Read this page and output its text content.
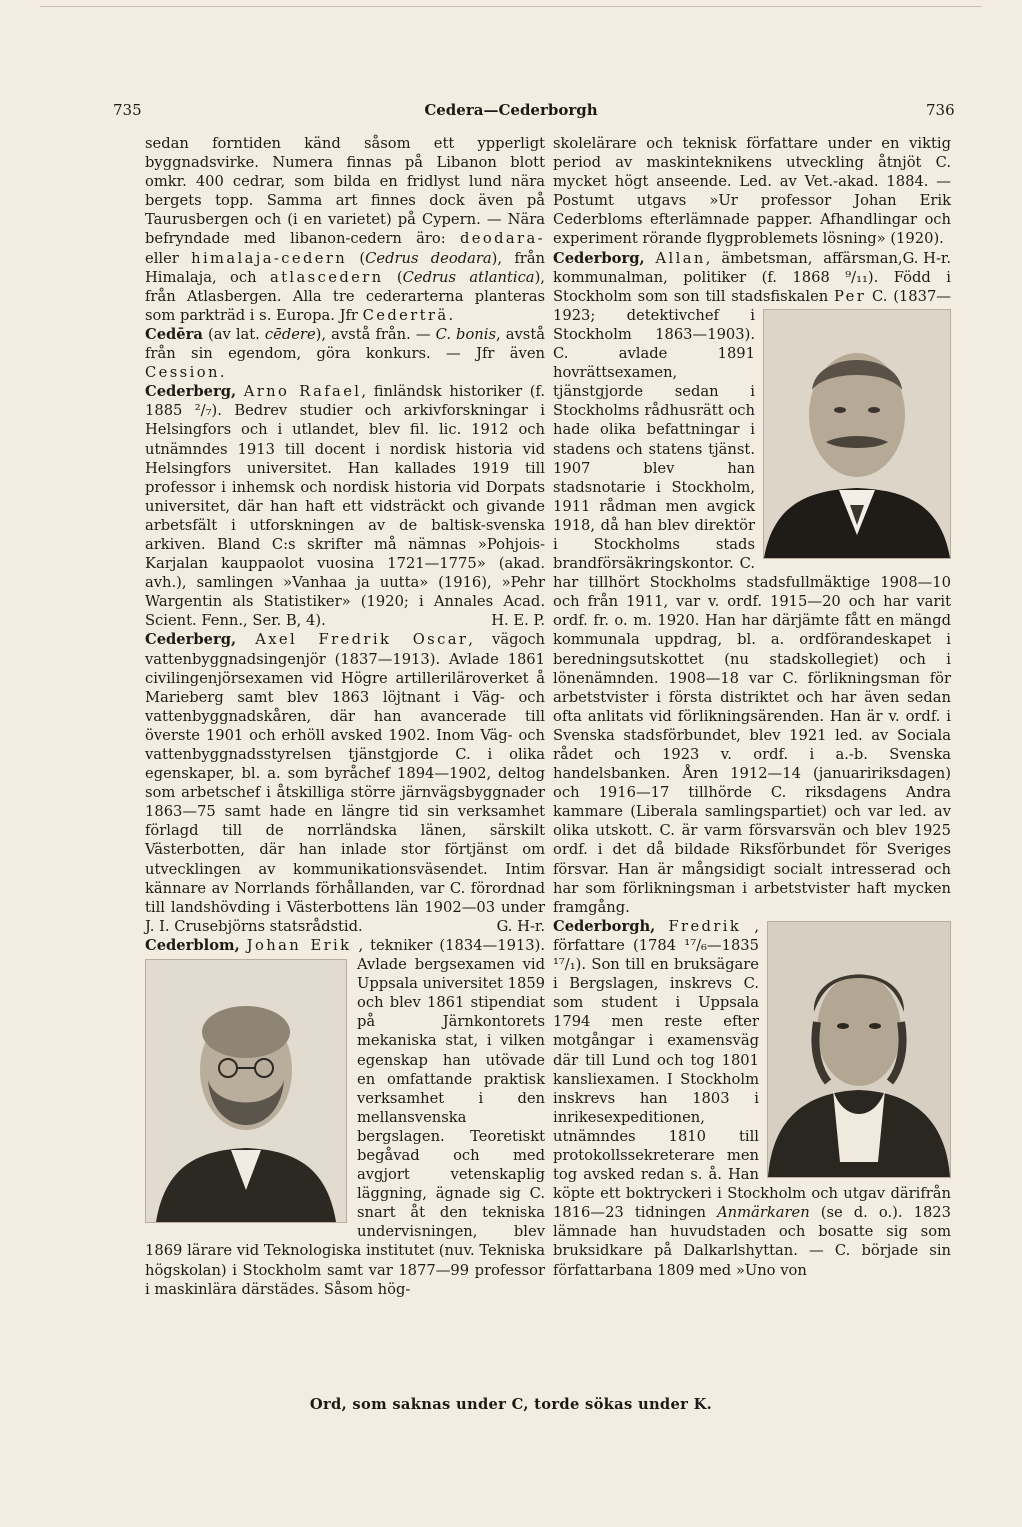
735	Cedera—Cederborgh	736

sedan forntiden känd såsom ett ypperligt byggnadsvirke. Numera finnas på Libanon blott omkr. 400 cedrar, som bilda en fridlyst lund nära bergets topp. Samma art finnes dock även på Taurusbergen och (i en varietet) på Cypern. — Nära befryndade med libanon-cedern äro: deodara- eller himalaja-cedern (Cedrus deodara), från Himalaja, och atlascedern (Cedrus atlantica), från Atlasbergen. Alla tre cederarterna planteras som parkträd i s. Europa. Jfr Cederträ.

Cedēra (av lat. cēdere), avstå från. — C. bonis, avstå från sin egendom, göra konkurs. — Jfr även Cession.

Cederberg, Arno Rafael, finländsk historiker (f. 1885 ²/₇). Bedrev studier och arkivforskningar i Helsingfors och i utlandet, blev fil. lic. 1912 och utnämndes 1913 till docent i nordisk historia vid Helsingfors universitet. Han kallades 1919 till professor i inhemsk och nordisk historia vid Dorpats universitet, där han haft ett vidsträckt och givande arbetsfält i utforskningen av de baltisk-svenska arkiven. Bland C:s skrifter må nämnas »Pohjois-Karjalan kauppaolot vuosina 1721—1775» (akad. avh.), samlingen »Vanhaa ja uutta» (1916), »Pehr Wargentin als Statistiker» (1920; i Annales Acad. Scient. Fenn., Ser. B, 4).	H. E. P.

Cederberg, Axel Fredrik Oscar, vägoch vattenbyggnadsingenjör (1837—1913). Avlade 1861 civilingenjörsexamen vid Högre artilleriläroverket å Marieberg samt blev 1863 löjtnant i Väg- och vattenbyggnadskåren, där han avancerade till överste 1901 och erhöll avsked 1902. Inom Väg- och vattenbyggnadsstyrelsen tjänstgjorde C. i olika egenskaper, bl. a. som byråchef 1894—1902, deltog som arbetschef i åtskilliga större järnvägsbyggnader 1863—75 samt hade en längre tid sin verksamhet förlagd till de norrländska länen, särskilt Västerbotten, där han inlade stor förtjänst om utvecklingen av kommunikationsväsendet. Intim kännare av Norrlands förhållanden, var C. förordnad till landshövding i Västerbottens län 1902—03 under J. I. Crusebjörns statsrådstid.	G. H-r.

Cederblom, Johan Erik , tekniker (1834—1913). Avlade bergsexamen vid Uppsala universitet 1859 och blev 1861 stipendiat på Järnkontorets mekaniska stat, i vilken egenskap han utövade en omfattande praktisk verksamhet i den mellansvenska bergslagen. Teoretiskt begåvad och med avgjort vetenskaplig läggning, ägnade sig C. snart åt den tekniska undervisningen, blev 1869 lärare vid Teknologiska institutet (nuv. Tekniska högskolan) i Stockholm samt var 1877—99 professor i maskinlära därstädes. Såsom hög-

skolelärare och teknisk författare under en viktig period av maskinteknikens utveckling åtnjöt C. mycket högt anseende. Led. av Vet.-akad. 1884. — Postumt utgavs »Ur professor Johan Erik Cederbloms efterlämnade papper. Afhandlingar och experiment rörande flygproblemets lösning» (1920).
G. H-r.

Cederborg, Allan, ämbetsman, affärsman, kommunalman, politiker (f. 1868 ⁹/₁₁). Född i Stockholm som son till stadsfiskalen Per
C. (1837—1923; detektivchef i Stockholm 1863—1903). C. avlade 1891 hovrättsexamen, tjänstgjorde sedan i Stockholms rådhusrätt och hade olika befattningar i stadens och statens tjänst. 1907 blev han stadsnotarie i Stockholm, 1911 rådman men avgick 1918, då han blev direktör i Stockholms stads brandförsäkringskontor. C. har tillhört Stockholms stadsfullmäktige 1908—10 och från 1911, var v. ordf. 1915—20 och har varit ordf. fr. o. m. 1920. Han har därjämte fått en mängd kommunala uppdrag, bl. a. ordförandeskapet i beredningsutskottet (nu stadskollegiet) och i lönenämnden. 1908—18 var C. förlikningsman för arbetstvister i första distriktet och har även sedan ofta anlitats vid förlikningsärenden. Han är v. ordf. i Svenska stadsförbundet, blev 1921 led. av Sociala rådet och 1923 v. ordf. i a.-b. Svenska handelsbanken. Åren 1912—14 (januaririksdagen) och 1916—17 tillhörde C. riksdagens Andra kammare (Liberala samlingspartiet) och var led. av olika utskott. C. är varm försvarsvän och blev 1925 ordf. i det då bildade Riksförbundet för Sveriges försvar. Han är mångsidigt socialt intresserad och har som förlikningsman i arbetstvister haft mycken framgång.

Cederborgh, Fredrik , författare (1784 ¹⁷/₆—1835 ¹⁷/₁). Son till en bruksägare i Bergslagen, inskrevs C. som student i Uppsala 1794 men reste efter motgångar i examensväg där till Lund och tog 1801 kansliexamen. I Stockholm inskrevs han 1803 i inrikesexpeditionen, utnämndes 1810 till protokollssekreterare men tog avsked redan s. å. Han köpte ett boktryckeri i Stockholm och utgav därifrån 1816—23 tidningen Anmärkaren (se d. o.). 1823 lämnade han huvudstaden och bosatte sig som bruksidkare på Dalkarlshyttan. — C. började sin författarbana 1809 med »Uno von

Ord, som saknas under C, torde sökas under K.
